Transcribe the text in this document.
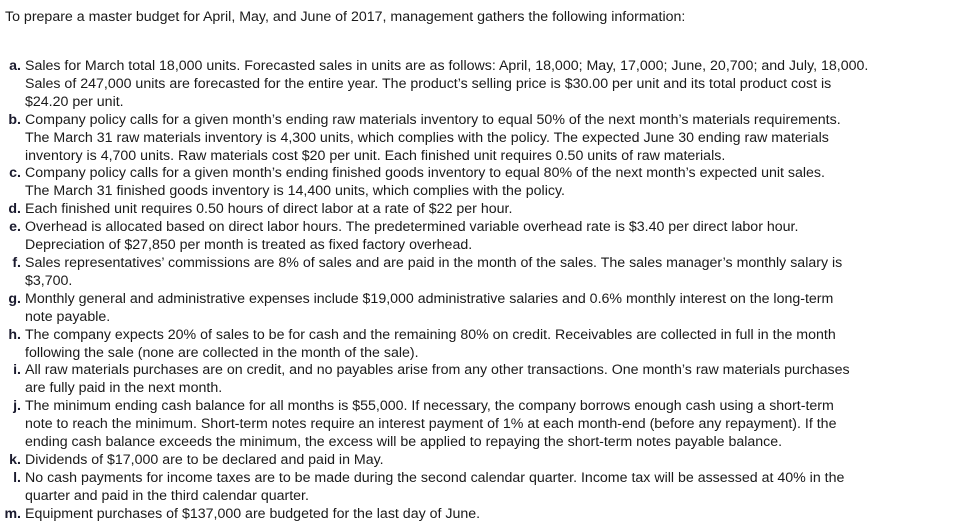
To prepare a master budget for April, May, and June of 2017, management gathers the following information:
a. Sales for March total 18,000 units. Forecasted sales in units are as follows: April, 18,000; May, 17,000; June, 20,700; and July, 18,000.
Sales of 247,000 units are forecasted for the entire year. The product’s selling price is $30.00 per unit and its total product cost is
$24.20 per unit.
b. Company policy calls for a given month’s ending raw materials inventory to equal 50% of the next month’s materials requirements.
The March 31 raw materials inventory is 4,300 units, which complies with the policy. The expected June 30 ending raw materials
inventory is 4,700 units. Raw materials cost $20 per unit. Each finished unit requires 0.50 units of raw materials.
c. Company policy calls for a given month’s ending finished goods inventory to equal 80% of the next month’s expected unit sales.
The March 31 finished goods inventory is 14,400 units, which complies with the policy.
d. Each finished unit requires 0.50 hours of direct labor at a rate of $22 per hour.
e. Overhead is allocated based on direct labor hours. The predetermined variable overhead rate is $3.40 per direct labor hour.
Depreciation of $27,850 per month is treated as fixed factory overhead.
f. Sales representatives’ commissions are 8% of sales and are paid in the month of the sales. The sales manager’s monthly salary is
$3,700.
g. Monthly general and administrative expenses include $19,000 administrative salaries and 0.6% monthly interest on the long-term
note payable.
h. The company expects 20% of sales to be for cash and the remaining 80% on credit. Receivables are collected in full in the month
following the sale (none are collected in the month of the sale).
i. All raw materials purchases are on credit, and no payables arise from any other transactions. One month’s raw materials purchases
are fully paid in the next month.
j. The minimum ending cash balance for all months is $55,000. If necessary, the company borrows enough cash using a short-term
note to reach the minimum. Short-term notes require an interest payment of 1% at each month-end (before any repayment). If the
ending cash balance exceeds the minimum, the excess will be applied to repaying the short-term notes payable balance.
k. Dividends of $17,000 are to be declared and paid in May.
l. No cash payments for income taxes are to be made during the second calendar quarter. Income tax will be assessed at 40% in the
quarter and paid in the third calendar quarter.
m. Equipment purchases of $137,000 are budgeted for the last day of June.
